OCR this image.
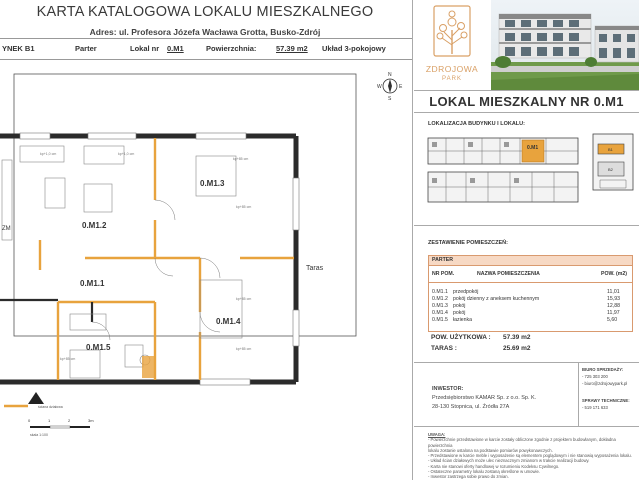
KARTA KATALOGOWA LOKALU MIESZKALNEGO
Adres: ul. Profesora Józefa Wacława Grotta, Busko-Zdrój
YNEK B1	Parter	Lokal nr 0.M1	Powierzchnia:	57.39 m2 Układ 3-pokojowy
ZDROJOWA
PARK
LOKAL MIESZKALNY NR 0.M1
LOKALIZACJA BUDYNKU I LOKALU:
0.M1	B1
B2
ZESTAWIENIE POMIESZCZEŃ:
PARTER
NR POM.	NAZWA POMIESZCZENIA	POW. (m2)
0.M1.1 przedpokój	11,01
0.M1.2 pokój dzienny z aneksem kuchennym	15,93
0.M1.3 pokój	12,88
0.M1.4 pokój	11,97
0.M1.5 łazienka	5,60
POW. UŻYTKOWA : 57.39 m2
TARAS :	25.69 m2
INWESTOR:
Przedsiębiorstwo KAMAR Sp. z o.o. Sp. K.
28-130 Stopnica, ul. Źródła 27A
BIURO SPRZEDAŻY:
- 725 303 200
- biuro@zdrojowypark.pl
SPRAWY TECHNICZNE:
- 519 171 633
UWAGA:
- Powierzchnie przedstawione w karcie zostały obliczone zgodnie z projektem budowlanym, dokładna powierzchnia
lokalu zostanie ustalona na podstawie pomiarów powykonawczych.
- Przedstawione w karcie meble i wyposażenie są elementem poglądowym i nie stanowią wyposażenia lokalu.
- Układ ścian działowych może ulec nieznacznym zmianom w trakcie realizacji budowy.
- Karta nie stanowi oferty handlowej w rozumieniu Kodeksu Cywilnego.
- Ostateczne parametry lokalu zostaną określone w umowie.
- Inwestor zastrzega sobie prawo do zmian.
N
E
W
S
0.M1.3
0.M1.2
0.M1.1
0.M1.4
0.M1.5
ZM
Taras
kp+1,0 cm	kp+1,0 cm
kp+85 cm
kp+85 cm
kp+85 cm
kp+85 cm
kp+85 cm
ściana działowa
0	1	2	3m
skala 1:100
